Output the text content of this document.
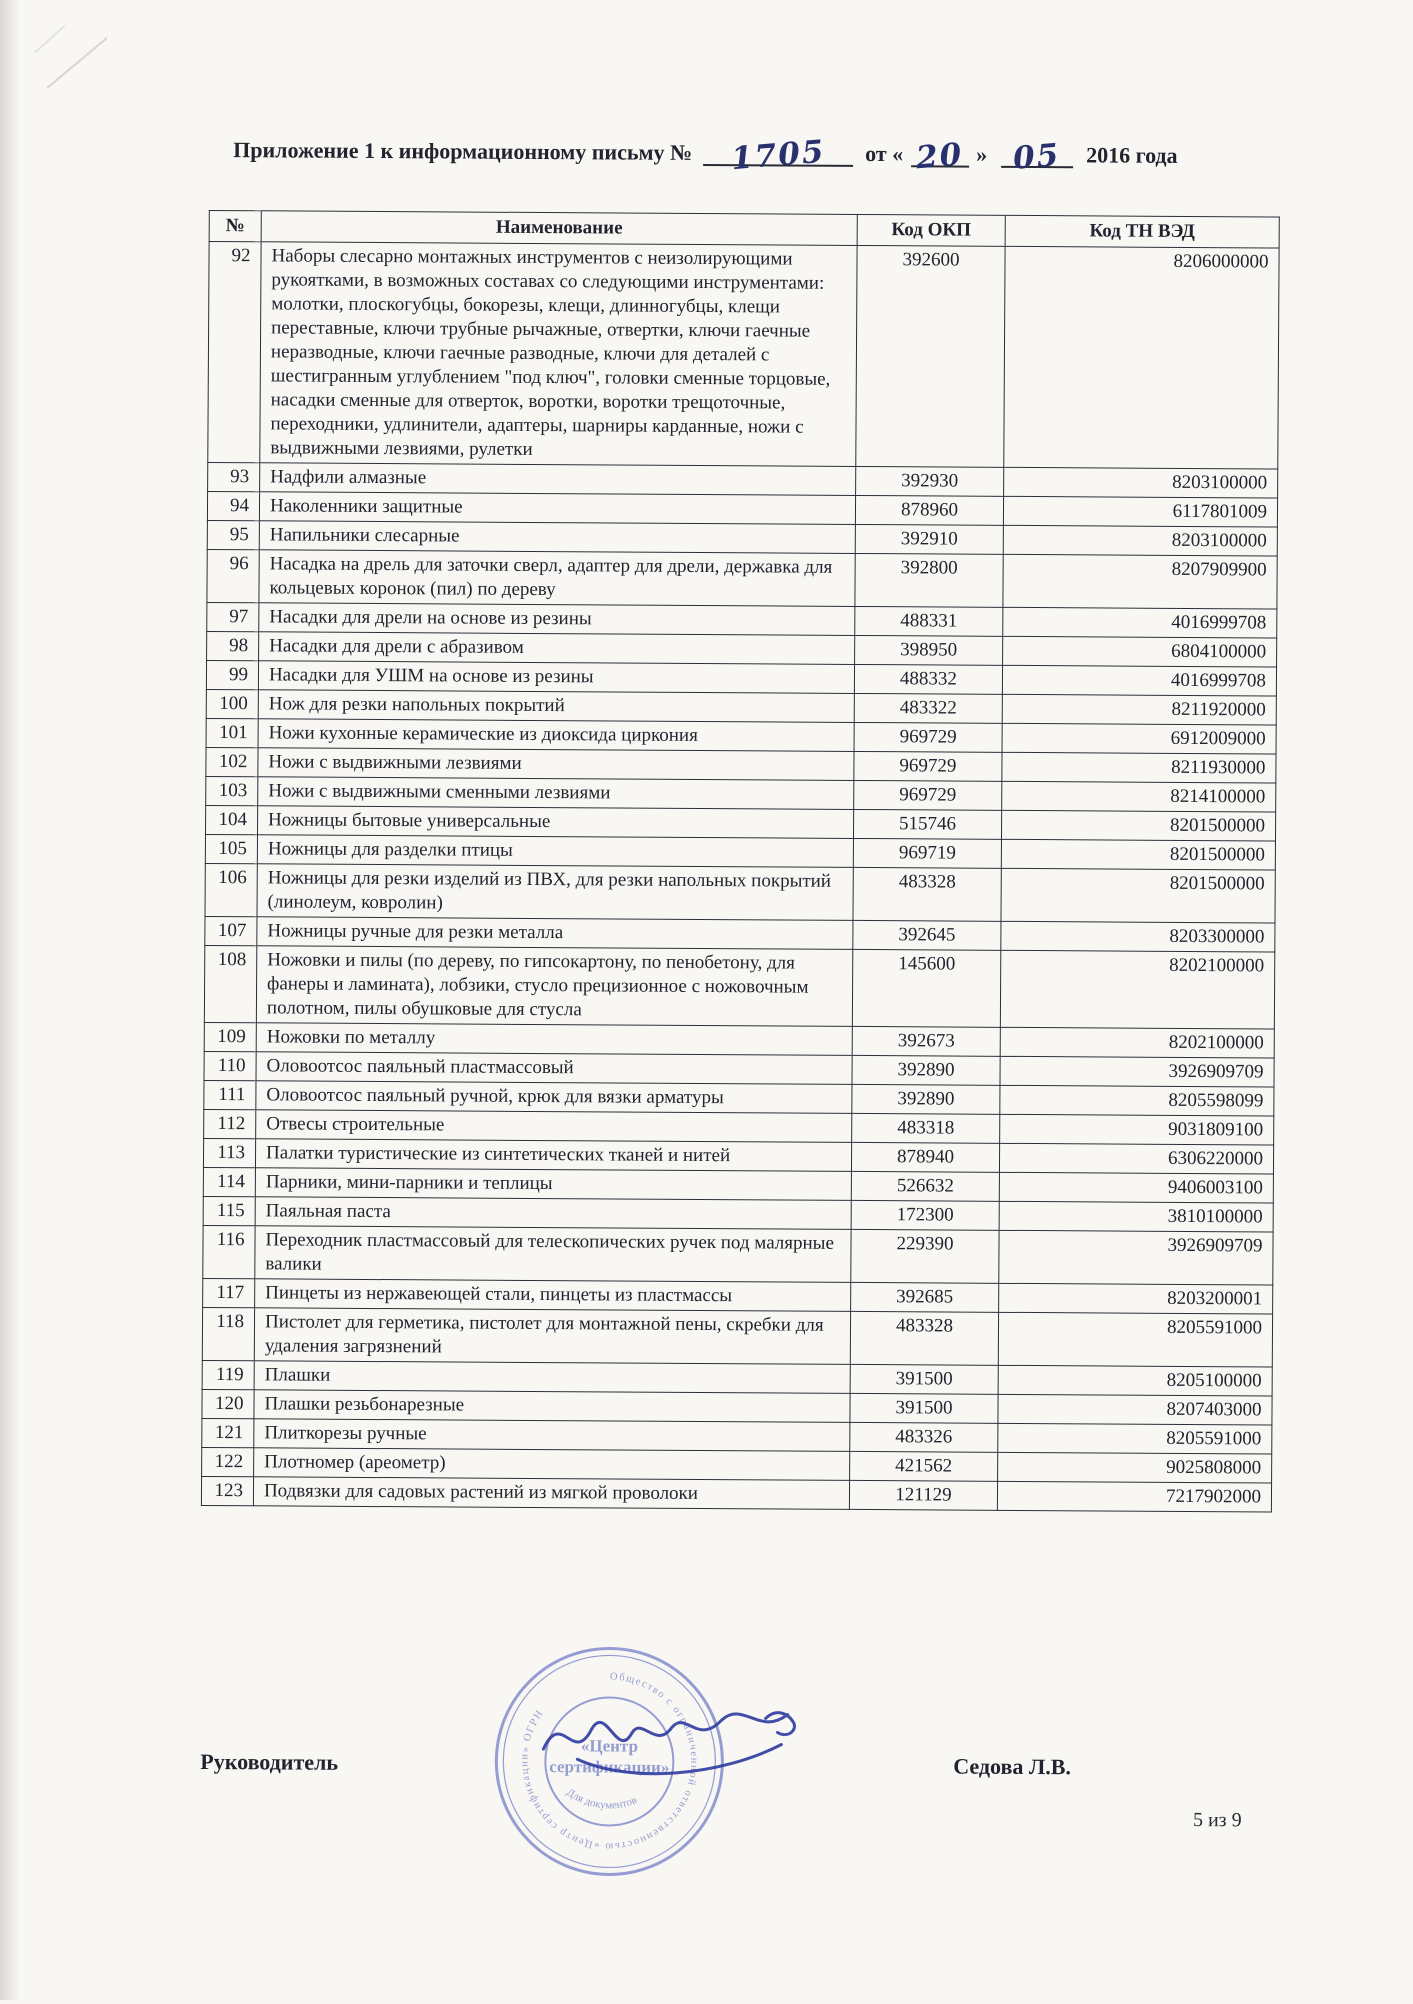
Приложение 1 к информационному письму № 1705 от « 20 » 05 2016 года
№	Наименование	Код ОКП	Код ТН ВЭД
92	Наборы слесарно монтажных инструментов с неизолирующими рукоятками, в возможных составах со следующими инструментами: молотки, плоскогубцы, бокорезы, клещи, длинногубцы, клещи переставные, ключи трубные рычажные, отвертки, ключи гаечные неразводные, ключи гаечные разводные, ключи для деталей с шестигранным углублением "под ключ", головки сменные торцовые, насадки сменные для отверток, воротки, воротки трещоточные, переходники, удлинители, адаптеры, шарниры карданные, ножи с выдвижными лезвиями, рулетки	392600	8206000000
93	Надфили алмазные	392930	8203100000
94	Наколенники защитные	878960	6117801009
95	Напильники слесарные	392910	8203100000
96	Насадка на дрель для заточки сверл, адаптер для дрели, державка для кольцевых коронок (пил) по дереву	392800	8207909900
97	Насадки для дрели на основе из резины	488331	4016999708
98	Насадки для дрели с абразивом	398950	6804100000
99	Насадки для УШМ на основе из резины	488332	4016999708
100	Нож для резки напольных покрытий	483322	8211920000
101	Ножи кухонные керамические из диоксида циркония	969729	6912009000
102	Ножи с выдвижными лезвиями	969729	8211930000
103	Ножи с выдвижными сменными лезвиями	969729	8214100000
104	Ножницы бытовые универсальные	515746	8201500000
105	Ножницы для разделки птицы	969719	8201500000
106	Ножницы для резки изделий из ПВХ, для резки напольных покрытий (линолеум, ковролин)	483328	8201500000
107	Ножницы ручные для резки металла	392645	8203300000
108	Ножовки и пилы (по дереву, по гипсокартону, по пенобетону, для фанеры и ламината), лобзики, стусло прецизионное с ножовочным полотном, пилы обушковые для стусла	145600	8202100000
109	Ножовки по металлу	392673	8202100000
110	Оловоотсос паяльный пластмассовый	392890	3926909709
111	Оловоотсос паяльный ручной, крюк для вязки арматуры	392890	8205598099
112	Отвесы строительные	483318	9031809100
113	Палатки туристические из синтетических тканей и нитей	878940	6306220000
114	Парники, мини-парники и теплицы	526632	9406003100
115	Паяльная паста	172300	3810100000
116	Переходник пластмассовый для телескопических ручек под малярные валики	229390	3926909709
117	Пинцеты из нержавеющей стали, пинцеты из пластмассы	392685	8203200001
118	Пистолет для герметика, пистолет для монтажной пены, скребки для удаления загрязнений	483328	8205591000
119	Плашки	391500	8205100000
120	Плашки резьбонарезные	391500	8207403000
121	Плиткорезы ручные	483326	8205591000
122	Плотномер (ареометр)	421562	9025808000
123	Подвязки для садовых растений из мягкой проволоки	121129	7217902000
Руководитель	Седова Л.В.
5 из 9
Общество с ограниченной ответственностью «Центр сертификации» ОГРН
«Центр
сертификации»
Для документов
